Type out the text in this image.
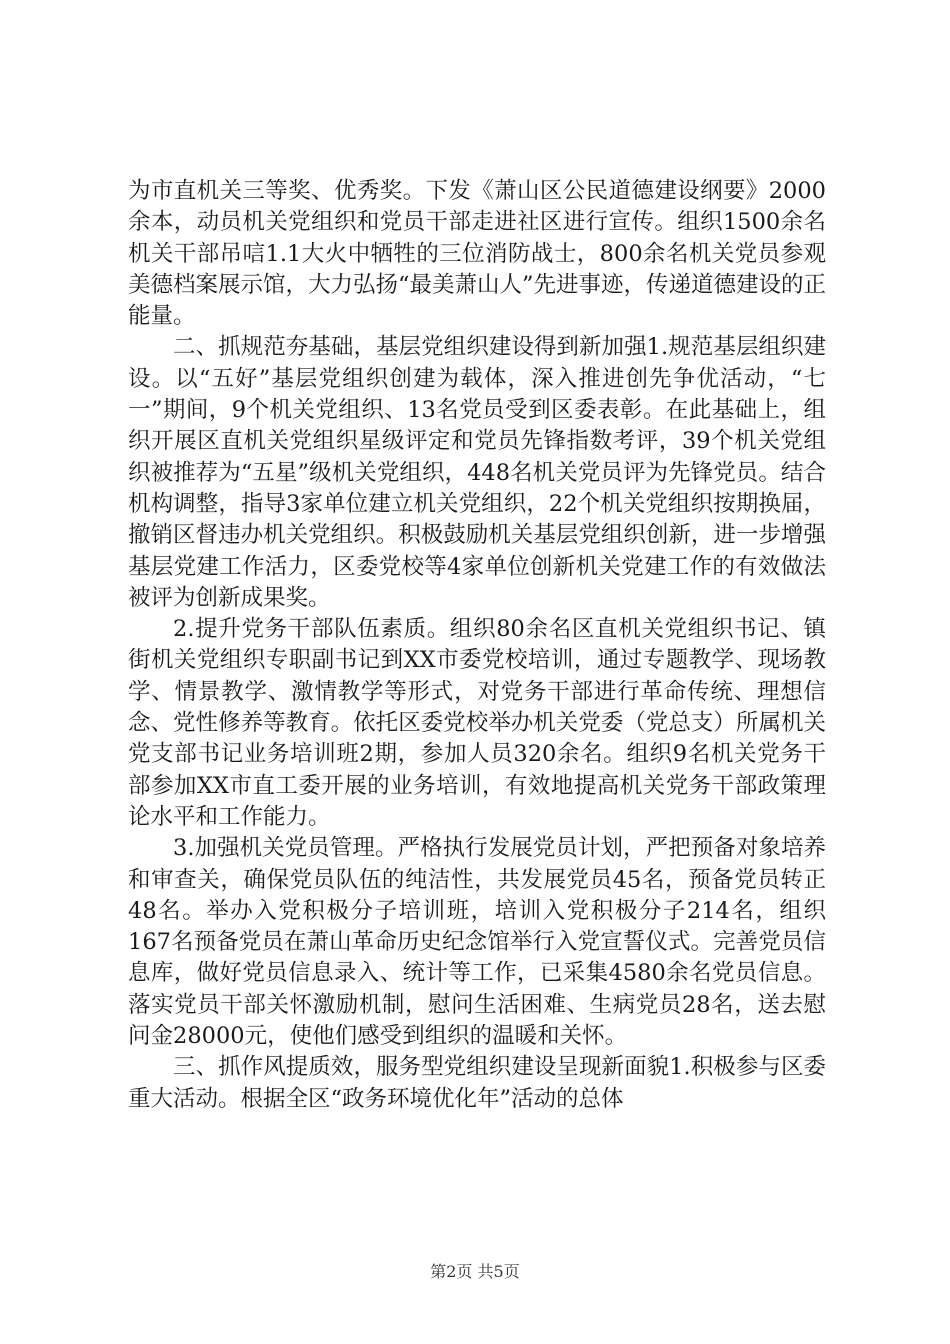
为市直机关三等奖、优秀奖。下发《萧山区公民道德建设纲要》2000余本，动员机关党组织和党员干部走进社区进行宣传。组织1500余名机关干部吊唁1.1大火中牺牲的三位消防战士，800余名机关党员参观美德档案展示馆，大力弘扬“最美萧山人”先进事迹，传递道德建设的正能量。

二、抓规范夯基础，基层党组织建设得到新加强1.规范基层组织建设。以“五好”基层党组织创建为载体，深入推进创先争优活动，“七一”期间，9个机关党组织、13名党员受到区委表彰。在此基础上，组织开展区直机关党组织星级评定和党员先锋指数考评，39个机关党组织被推荐为“五星”级机关党组织，448名机关党员评为先锋党员。结合机构调整，指导3家单位建立机关党组织，22个机关党组织按期换届，撤销区督违办机关党组织。积极鼓励机关基层党组织创新，进一步增强基层党建工作活力，区委党校等4家单位创新机关党建工作的有效做法被评为创新成果奖。

2.提升党务干部队伍素质。组织80余名区直机关党组织书记、镇街机关党组织专职副书记到XX市委党校培训，通过专题教学、现场教学、情景教学、激情教学等形式，对党务干部进行革命传统、理想信念、党性修养等教育。依托区委党校举办机关党委（党总支）所属机关党支部书记业务培训班2期，参加人员320余名。组织9名机关党务干部参加XX市直工委开展的业务培训，有效地提高机关党务干部政策理论水平和工作能力。

3.加强机关党员管理。严格执行发展党员计划，严把预备对象培养和审查关，确保党员队伍的纯洁性，共发展党员45名，预备党员转正48名。举办入党积极分子培训班，培训入党积极分子214名，组织167名预备党员在萧山革命历史纪念馆举行入党宣誓仪式。完善党员信息库，做好党员信息录入、统计等工作，已采集4580余名党员信息。落实党员干部关怀激励机制，慰问生活困难、生病党员28名，送去慰问金28000元，使他们感受到组织的温暖和关怀。

三、抓作风提质效，服务型党组织建设呈现新面貌1.积极参与区委重大活动。根据全区“政务环境优化年”活动的总体

第2页 共5页
